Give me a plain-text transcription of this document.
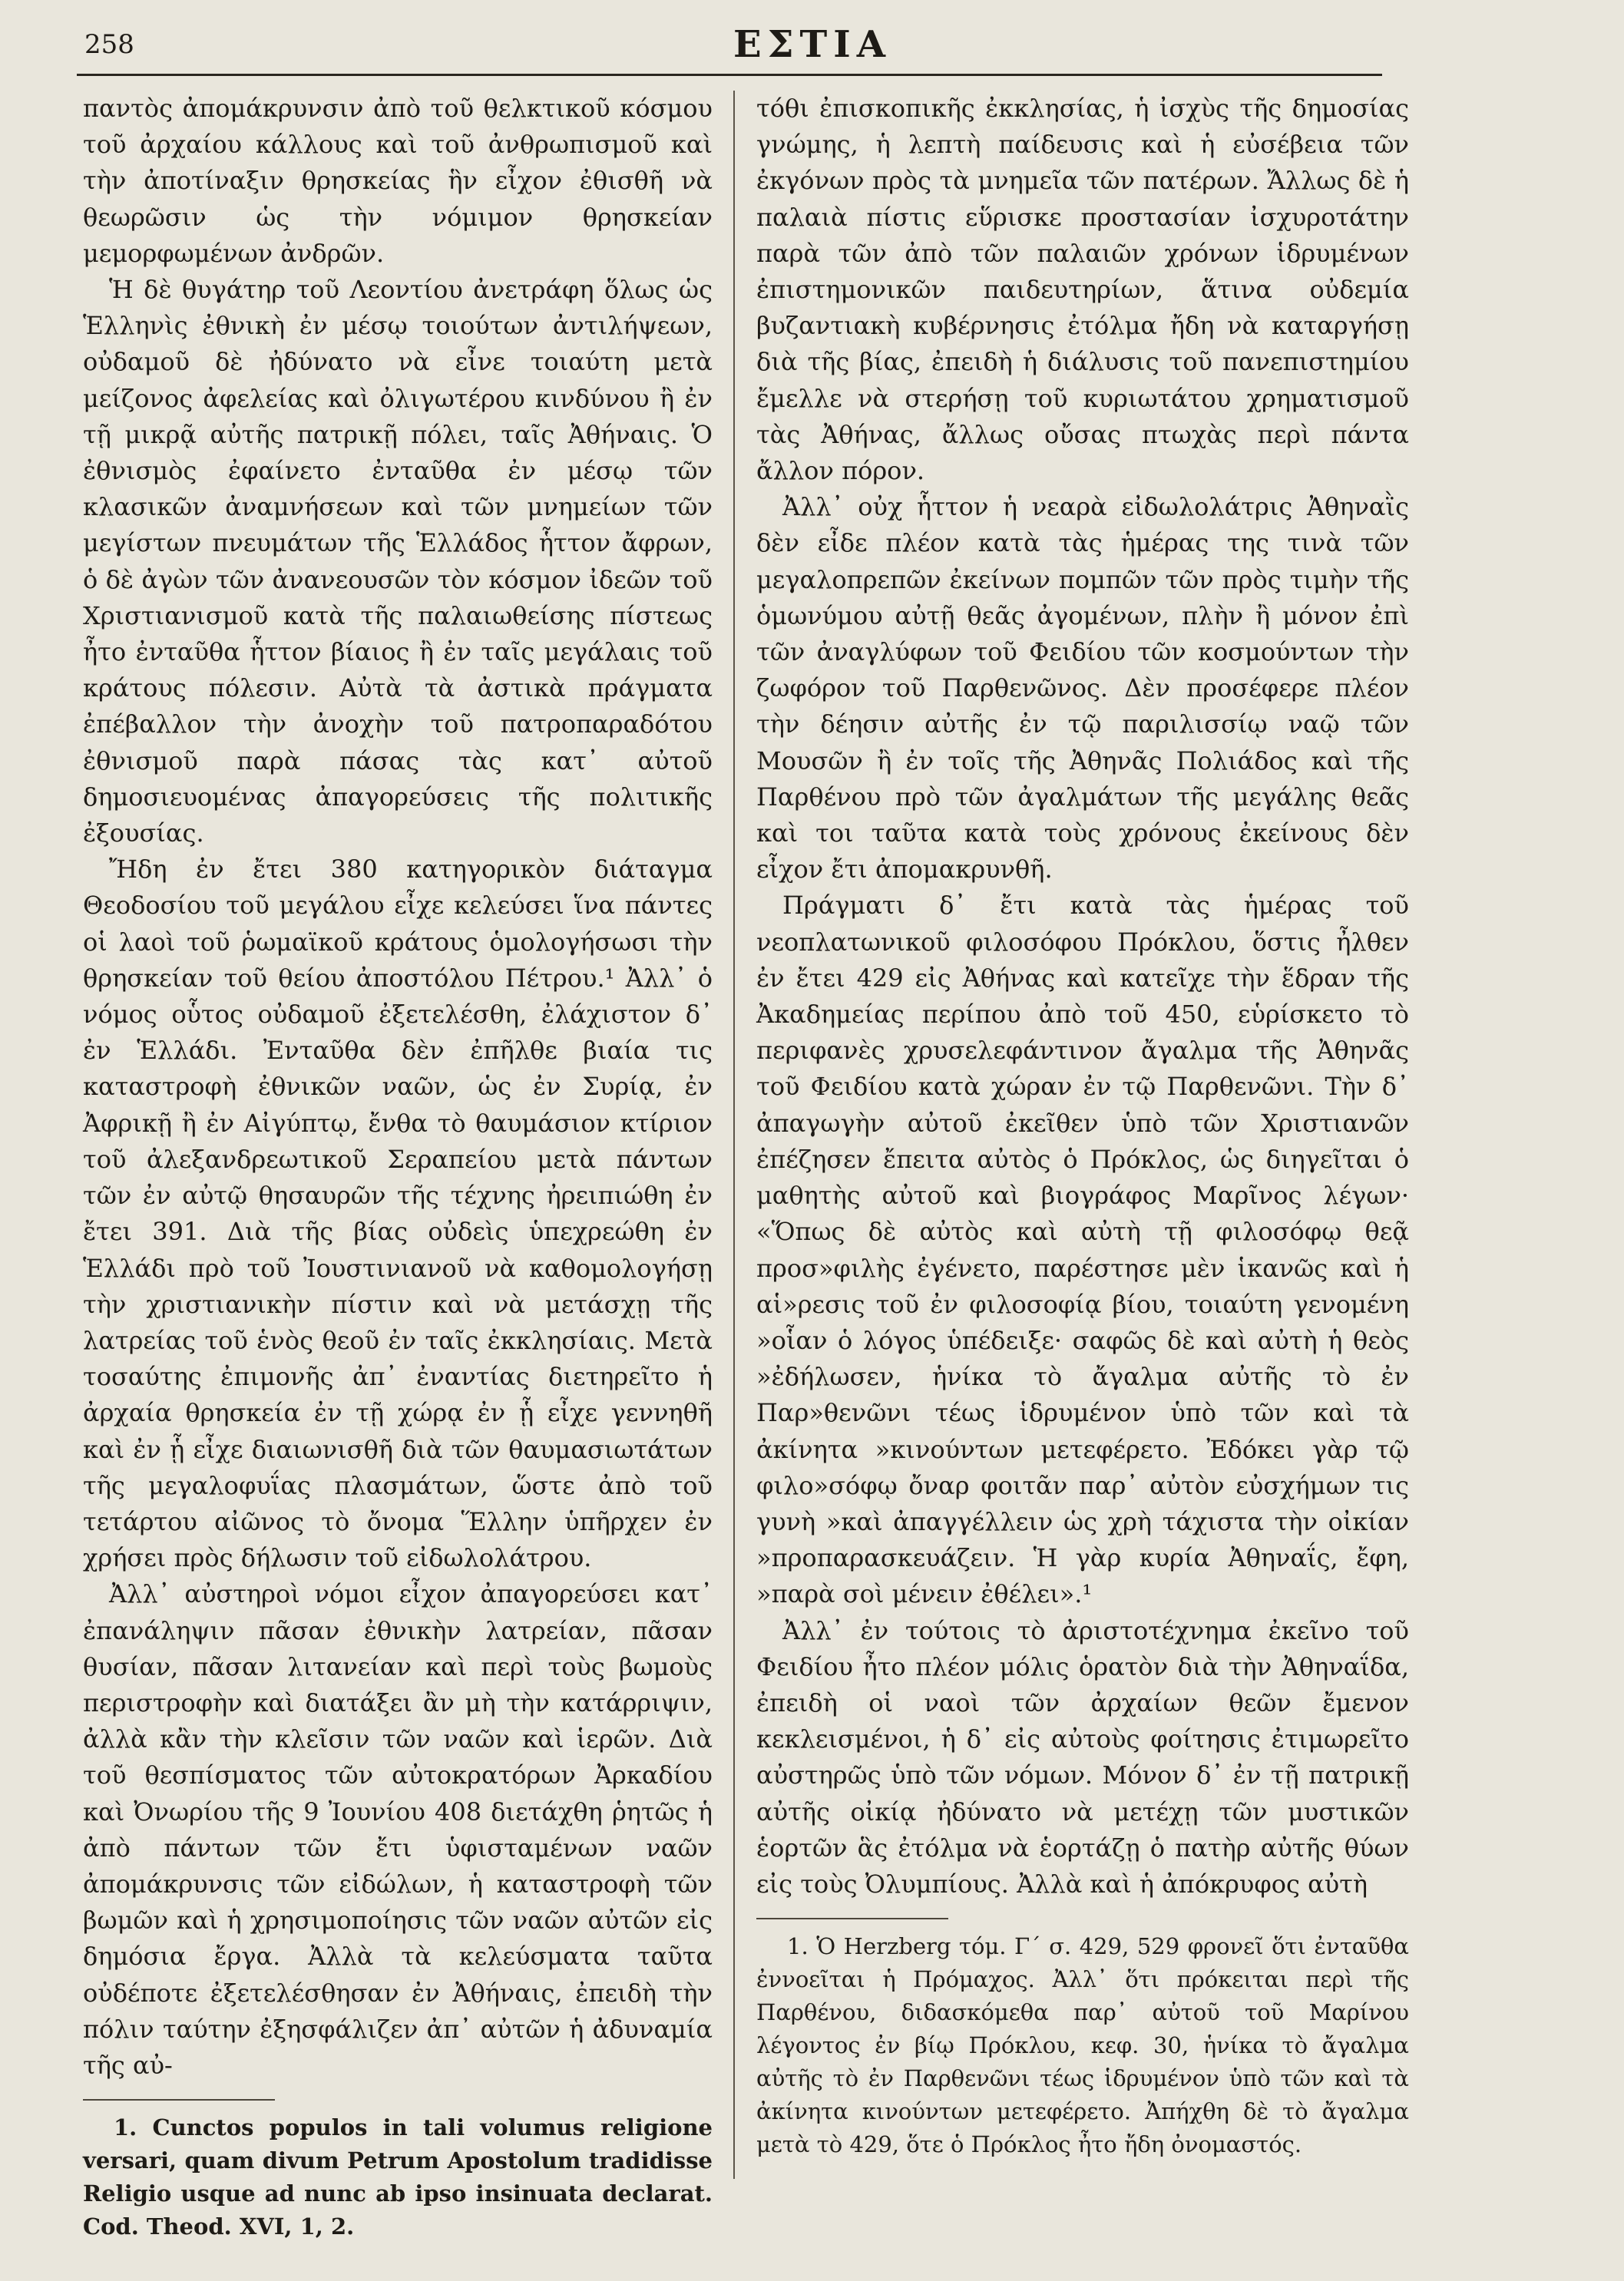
258	ΕΣΤΙΑ

παντὸς ἀπομάκρυνσιν ἀπὸ τοῦ θελκτικοῦ κόσμου τοῦ ἀρχαίου κάλλους καὶ τοῦ ἀνθρωπισμοῦ καὶ τὴν ἀποτίναξιν θρησκείας ἣν εἶχον ἐθισθῆ νὰ θεωρῶσιν ὡς τὴν νόμιμον θρησκείαν μεμορφωμένων ἀνδρῶν.

Ἡ δὲ θυγάτηρ τοῦ Λεοντίου ἀνετράφη ὅλως ὡς Ἑλληνὶς ἐθνικὴ ἐν μέσῳ τοιούτων ἀντιλήψεων, οὐδαμοῦ δὲ ἠδύνατο νὰ εἶνε τοιαύτη μετὰ μείζονος ἀφελείας καὶ ὀλιγωτέρου κινδύνου ἢ ἐν τῇ μικρᾷ αὐτῆς πατρικῇ πόλει, ταῖς Ἀθήναις. Ὁ ἐθνισμὸς ἐφαίνετο ἐνταῦθα ἐν μέσῳ τῶν κλασικῶν ἀναμνήσεων καὶ τῶν μνημείων τῶν μεγίστων πνευμάτων τῆς Ἑλλάδος ἧττον ἄφρων, ὁ δὲ ἀγὼν τῶν ἀνανεουσῶν τὸν κόσμον ἰδεῶν τοῦ Χριστιανισμοῦ κατὰ τῆς παλαιωθείσης πίστεως ἦτο ἐνταῦθα ἧττον βίαιος ἢ ἐν ταῖς μεγάλαις τοῦ κράτους πόλεσιν. Αὐτὰ τὰ ἀστικὰ πράγματα ἐπέβαλλον τὴν ἀνοχὴν τοῦ πατροπαραδότου ἐθνισμοῦ παρὰ πάσας τὰς κατ᾽ αὐτοῦ δημοσιευομένας ἀπαγορεύσεις τῆς πολιτικῆς ἐξουσίας.

Ἤδη ἐν ἔτει 380 κατηγορικὸν διάταγμα Θεοδοσίου τοῦ μεγάλου εἶχε κελεύσει ἵνα πάντες οἱ λαοὶ τοῦ ῥωμαϊκοῦ κράτους ὁμολογήσωσι τὴν θρησκείαν τοῦ θείου ἀποστόλου Πέτρου.¹ Ἀλλ᾽ ὁ νόμος οὗτος οὐδαμοῦ ἐξετελέσθη, ἐλάχιστον δ᾽ ἐν Ἑλλάδι. Ἐνταῦθα δὲν ἐπῆλθε βιαία τις καταστροφὴ ἐθνικῶν ναῶν, ὡς ἐν Συρίᾳ, ἐν Ἀφρικῇ ἢ ἐν Αἰγύπτῳ, ἔνθα τὸ θαυμάσιον κτίριον τοῦ ἀλεξανδρεωτικοῦ Σεραπείου μετὰ πάντων τῶν ἐν αὐτῷ θησαυρῶν τῆς τέχνης ἠρειπιώθη ἐν ἔτει 391. Διὰ τῆς βίας οὐδεὶς ὑπεχρεώθη ἐν Ἑλλάδι πρὸ τοῦ Ἰουστινιανοῦ νὰ καθομολογήσῃ τὴν χριστιανικὴν πίστιν καὶ νὰ μετάσχῃ τῆς λατρείας τοῦ ἑνὸς θεοῦ ἐν ταῖς ἐκκλησίαις. Μετὰ τοσαύτης ἐπιμονῆς ἀπ᾽ ἐναντίας διετηρεῖτο ἡ ἀρχαία θρησκεία ἐν τῇ χώρᾳ ἐν ᾗ εἶχε γεννηθῆ καὶ ἐν ᾗ εἶχε διαιωνισθῆ διὰ τῶν θαυμασιωτάτων τῆς μεγαλοφυΐας πλασμάτων, ὥστε ἀπὸ τοῦ τετάρτου αἰῶνος τὸ ὄνομα Ἕλλην ὑπῆρχεν ἐν χρήσει πρὸς δήλωσιν τοῦ εἰδωλολάτρου.

Ἀλλ᾽ αὐστηροὶ νόμοι εἶχον ἀπαγορεύσει κατ᾽ ἐπανάληψιν πᾶσαν ἐθνικὴν λατρείαν, πᾶσαν θυσίαν, πᾶσαν λιτανείαν καὶ περὶ τοὺς βωμοὺς περιστροφὴν καὶ διατάξει ἂν μὴ τὴν κατάρριψιν, ἀλλὰ κἂν τὴν κλεῖσιν τῶν ναῶν καὶ ἱερῶν. Διὰ τοῦ θεσπίσματος τῶν αὐτοκρατόρων Ἀρκαδίου καὶ Ὀνωρίου τῆς 9 Ἰουνίου 408 διετάχθη ῥητῶς ἡ ἀπὸ πάντων τῶν ἔτι ὑφισταμένων ναῶν ἀπομάκρυνσις τῶν εἰδώλων, ἡ καταστροφὴ τῶν βωμῶν καὶ ἡ χρησιμοποίησις τῶν ναῶν αὐτῶν εἰς δημόσια ἔργα. Ἀλλὰ τὰ κελεύσματα ταῦτα οὐδέποτε ἐξετελέσθησαν ἐν Ἀθήναις, ἐπειδὴ τὴν πόλιν ταύτην ἐξησφάλιζεν ἀπ᾽ αὐτῶν ἡ ἀδυναμία τῆς αὐ-

1. Cunctos populos in tali volumus religione versari, quam divum Petrum Apostolum tradidisse Religio usque ad nunc ab ipso insinuata declarat. Cod. Theod. XVI, 1, 2.

τόθι ἐπισκοπικῆς ἐκκλησίας, ἡ ἰσχὺς τῆς δημοσίας γνώμης, ἡ λεπτὴ παίδευσις καὶ ἡ εὐσέβεια τῶν ἐκγόνων πρὸς τὰ μνημεῖα τῶν πατέρων. Ἄλλως δὲ ἡ παλαιὰ πίστις εὕρισκε προστασίαν ἰσχυροτάτην παρὰ τῶν ἀπὸ τῶν παλαιῶν χρόνων ἱδρυμένων ἐπιστημονικῶν παιδευτηρίων, ἅτινα οὐδεμία βυζαντιακὴ κυβέρνησις ἐτόλμα ἤδη νὰ καταργήσῃ διὰ τῆς βίας, ἐπειδὴ ἡ διάλυσις τοῦ πανεπιστημίου ἔμελλε νὰ στερήσῃ τοῦ κυριωτάτου χρηματισμοῦ τὰς Ἀθήνας, ἄλλως οὔσας πτωχὰς περὶ πάντα ἄλλον πόρον.

Ἀλλ᾽ οὐχ ἧττον ἡ νεαρὰ εἰδωλολάτρις Ἀθηναῒς δὲν εἶδε πλέον κατὰ τὰς ἡμέρας της τινὰ τῶν μεγαλοπρεπῶν ἐκείνων πομπῶν τῶν πρὸς τιμὴν τῆς ὁμωνύμου αὐτῇ θεᾶς ἀγομένων, πλὴν ἢ μόνον ἐπὶ τῶν ἀναγλύφων τοῦ Φειδίου τῶν κοσμούντων τὴν ζωφόρον τοῦ Παρθενῶνος. Δὲν προσέφερε πλέον τὴν δέησιν αὐτῆς ἐν τῷ παριλισσίῳ ναῷ τῶν Μουσῶν ἢ ἐν τοῖς τῆς Ἀθηνᾶς Πολιάδος καὶ τῆς Παρθένου πρὸ τῶν ἀγαλμάτων τῆς μεγάλης θεᾶς καὶ τοι ταῦτα κατὰ τοὺς χρόνους ἐκείνους δὲν εἶχον ἔτι ἀπομακρυνθῆ.

Πράγματι δ᾽ ἔτι κατὰ τὰς ἡμέρας τοῦ νεοπλατωνικοῦ φιλοσόφου Πρόκλου, ὅστις ἦλθεν ἐν ἔτει 429 εἰς Ἀθήνας καὶ κατεῖχε τὴν ἕδραν τῆς Ἀκαδημείας περίπου ἀπὸ τοῦ 450, εὑρίσκετο τὸ περιφανὲς χρυσελεφάντινον ἄγαλμα τῆς Ἀθηνᾶς τοῦ Φειδίου κατὰ χώραν ἐν τῷ Παρθενῶνι. Τὴν δ᾽ ἀπαγωγὴν αὐτοῦ ἐκεῖθεν ὑπὸ τῶν Χριστιανῶν ἐπέζησεν ἔπειτα αὐτὸς ὁ Πρόκλος, ὡς διηγεῖται ὁ μαθητὴς αὐτοῦ καὶ βιογράφος Μαρῖνος λέγων· «Ὅπως δὲ αὐτὸς καὶ αὐτὴ τῇ φιλοσόφῳ θεᾷ προσ»φιλὴς ἐγένετο, παρέστησε μὲν ἱκανῶς καὶ ἡ αἱ»ρεσις τοῦ ἐν φιλοσοφίᾳ βίου, τοιαύτη γενομένη »οἷαν ὁ λόγος ὑπέδειξε· σαφῶς δὲ καὶ αὐτὴ ἡ θεὸς »ἐδήλωσεν, ἡνίκα τὸ ἄγαλμα αὐτῆς τὸ ἐν Παρ»θενῶνι τέως ἱδρυμένον ὑπὸ τῶν καὶ τὰ ἀκίνητα »κινούντων μετεφέρετο. Ἐδόκει γὰρ τῷ φιλο»σόφῳ ὄναρ φοιτᾶν παρ᾽ αὐτὸν εὐσχήμων τις γυνὴ »καὶ ἀπαγγέλλειν ὡς χρὴ τάχιστα τὴν οἰκίαν »προπαρασκευάζειν. Ἡ γὰρ κυρία Ἀθηναΐς, ἔφη, »παρὰ σοὶ μένειν ἐθέλει».¹

Ἀλλ᾽ ἐν τούτοις τὸ ἀριστοτέχνημα ἐκεῖνο τοῦ Φειδίου ἦτο πλέον μόλις ὁρατὸν διὰ τὴν Ἀθηναΐδα, ἐπειδὴ οἱ ναοὶ τῶν ἀρχαίων θεῶν ἔμενον κεκλεισμένοι, ἡ δ᾽ εἰς αὐτοὺς φοίτησις ἐτιμωρεῖτο αὐστηρῶς ὑπὸ τῶν νόμων. Μόνον δ᾽ ἐν τῇ πατρικῇ αὐτῆς οἰκίᾳ ἠδύνατο νὰ μετέχῃ τῶν μυστικῶν ἑορτῶν ἃς ἐτόλμα νὰ ἑορτάζῃ ὁ πατὴρ αὐτῆς θύων εἰς τοὺς Ὀλυμπίους. Ἀλλὰ καὶ ἡ ἀπόκρυφος αὐτὴ

1. Ὁ Herzberg τόμ. Γ´ σ. 429, 529 φρονεῖ ὅτι ἐνταῦθα ἐννοεῖται ἡ Πρόμαχος. Ἀλλ᾽ ὅτι πρόκειται περὶ τῆς Παρθένου, διδασκόμεθα παρ᾽ αὐτοῦ τοῦ Μαρίνου λέγοντος ἐν βίῳ Πρόκλου, κεφ. 30, ἡνίκα τὸ ἄγαλμα αὐτῆς τὸ ἐν Παρθενῶνι τέως ἱδρυμένον ὑπὸ τῶν καὶ τὰ ἀκίνητα κινούντων μετεφέρετο. Ἀπήχθη δὲ τὸ ἄγαλμα μετὰ τὸ 429, ὅτε ὁ Πρόκλος ἦτο ἤδη ὀνομαστός.
